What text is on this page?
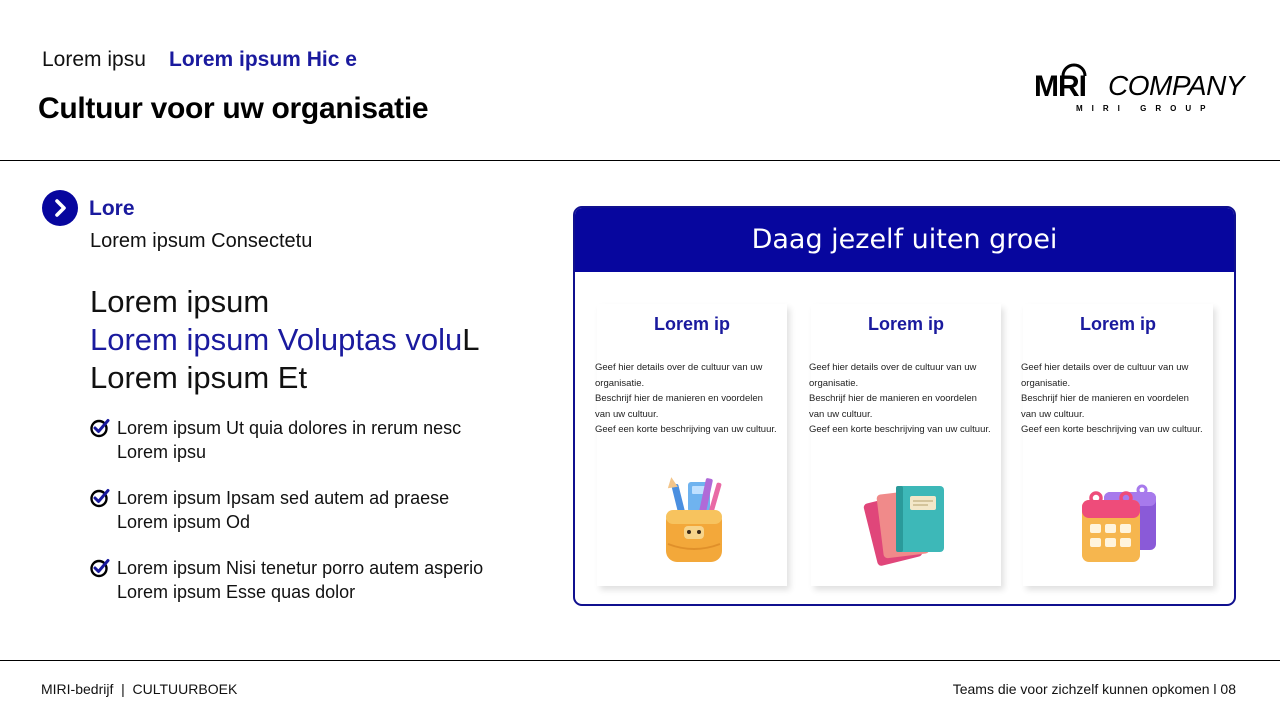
Lorem ipsu Lorem ipsum Hic e
Cultuur voor uw organisatie
MRI COMPANY
MIRI GROUP
Lore
Lorem ipsum Consectetu
Lorem ipsum
Lorem ipsum Voluptas voluL
Lorem ipsum Et
Lorem ipsum Ut quia dolores in rerum nesc
Lorem ipsu
Lorem ipsum Ipsam sed autem ad praese
Lorem ipsum Od
Lorem ipsum Nisi tenetur porro autem asperio
Lorem ipsum Esse quas dolor
Daag jezelf uiten groei
Lorem ip

Geef hier details over de cultuur van uw organisatie.

Beschrijf hier de manieren en voordelen van uw cultuur.

Geef een korte beschrijving van uw cultuur.

Lorem ip

Geef hier details over de cultuur van uw organisatie.

Beschrijf hier de manieren en voordelen van uw cultuur.

Geef een korte beschrijving van uw cultuur.

Lorem ip

Geef hier details over de cultuur van uw organisatie.

Beschrijf hier de manieren en voordelen van uw cultuur.

Geef een korte beschrijving van uw cultuur.

MIRI-bedrijf  |  CULTUURBOEK	Teams die voor zichzelf kunnen opkomen l 08
